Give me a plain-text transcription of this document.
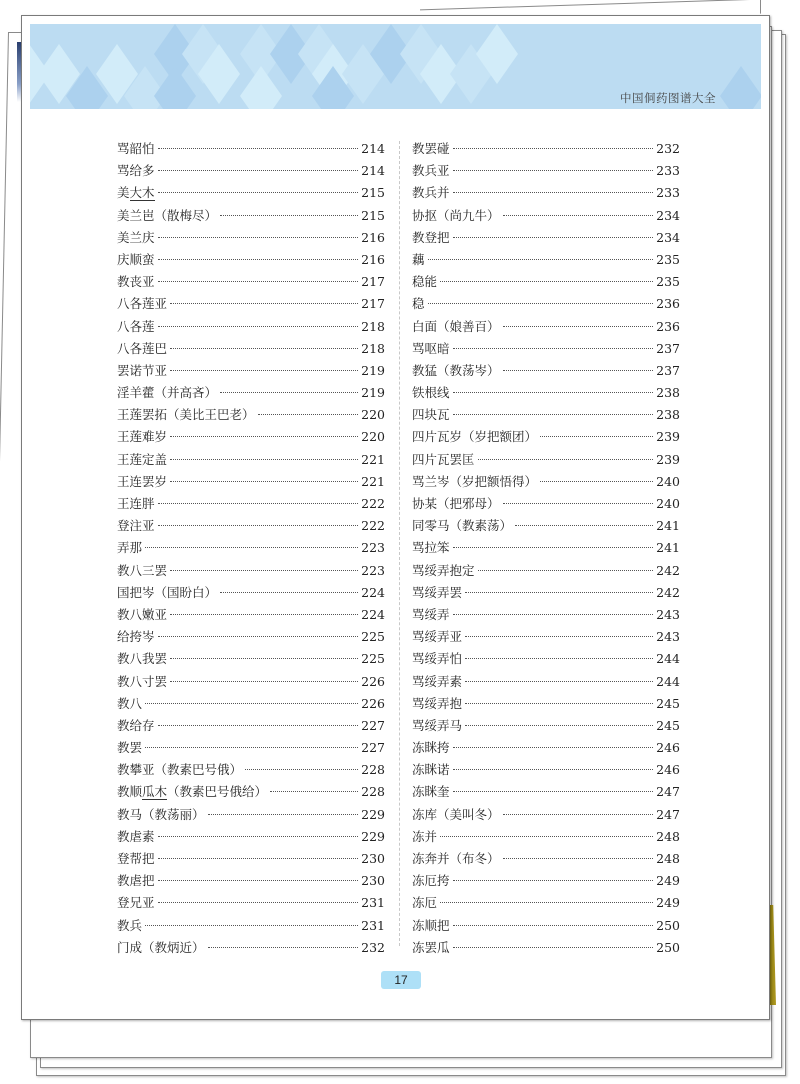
中国侗药图谱大全
骂韶怕	214
骂给多	214
美大木	215
美兰岜（散梅尽）	215
美兰庆	216
庆顺蛮	216
教丧亚	217
八各莲亚	217
八各莲	218
八各莲巴	218
罢诺节亚	219
淫羊藿（并高吝）	219
王莲罢拓（美比王巴老）	220
王莲难岁	220
王莲定盖	221
王连罢岁	221
王连胖	222
登注亚	222
弄那	223
教八三罢	223
国把岑（国盼白）	224
教八嫩亚	224
给挎岑	225
教八我罢	225
教八寸罢	226
教八	226
教给存	227
教罢	227
教攀亚（教素巴号俄）	228
教顺瓜木（教素巴号俄给）	228
教马（教荡丽）	229
教虐素	229
登帮把	230
教虐把	230
登兄亚	231
教兵	231
门成（教炳近）	232
教罢碰	232
教兵亚	233
教兵并	233
协抠（尚九牛）	234
教登把	234
藕	235
稳能	235
稳	236
白面（娘善百）	236
骂呕暗	237
教猛（教荡岑）	237
铁根线	238
四块瓦	238
四片瓦岁（岁把额团）	239
四片瓦罢匡	239
骂兰岑（岁把额悟得）	240
协某（把邪母）	240
同零马（教素荡）	241
骂拉笨	241
骂绥弄抱定	242
骂绥弄罢	242
骂绥弄	243
骂绥弄亚	243
骂绥弄怕	244
骂绥弄素	244
骂绥弄抱	245
骂绥弄马	245
冻眯挎	246
冻眯诺	246
冻眯奎	247
冻库（美叫冬）	247
冻并	248
冻奔并（布冬）	248
冻厄挎	249
冻厄	249
冻顺把	250
冻罢瓜	250
17
